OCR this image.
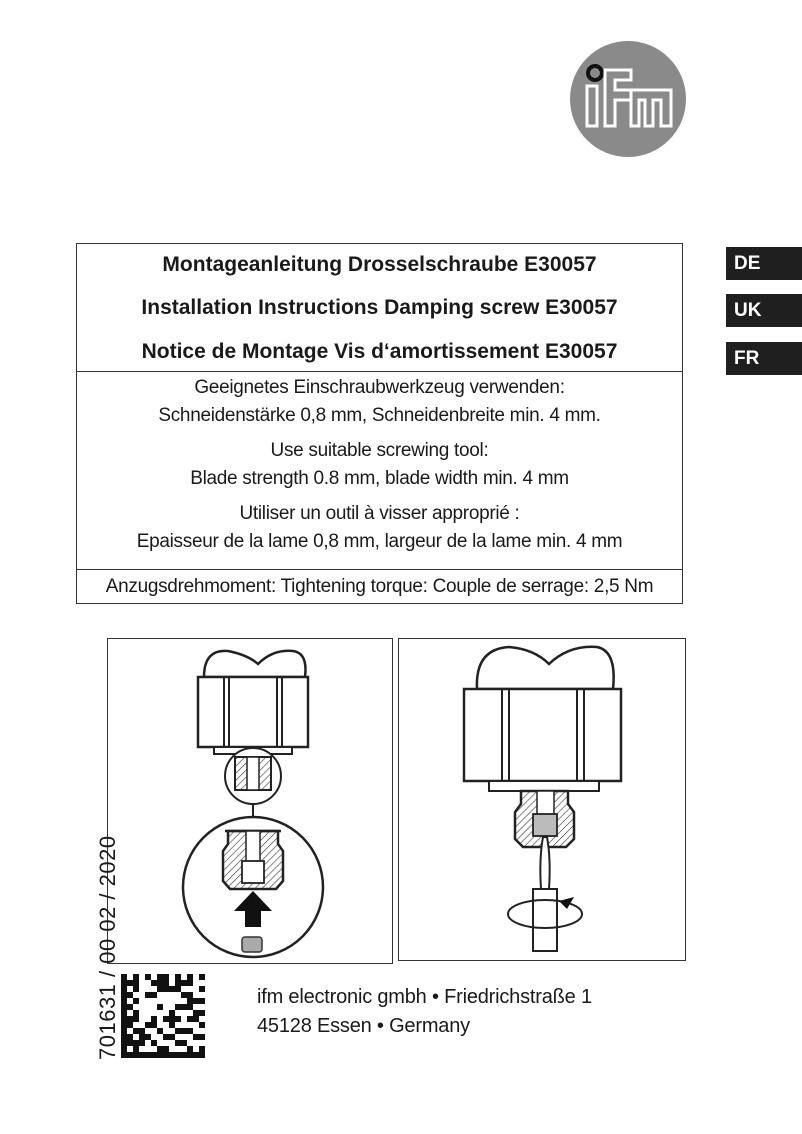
Montageanleitung Drosselschraube E30057
Installation Instructions Damping screw E30057
Notice de Montage Vis d‘amortissement E30057
Geeignetes Einschraubwerkzeug verwenden:
Schneidenstärke 0,8 mm, Schneidenbreite min. 4 mm.
Use suitable screwing tool:
Blade strength 0.8 mm, blade width min. 4 mm
Utiliser un outil à visser approprié :
Epaisseur de la lame 0,8 mm, largeur de la lame min. 4 mm
Anzugsdrehmoment: Tightening torque: Couple de serrage: 2,5 Nm
DE
UK
FR
701631 / 00 02 / 2020	ifm electronic gmbh • Friedrichstraße 1
45128 Essen • Germany
